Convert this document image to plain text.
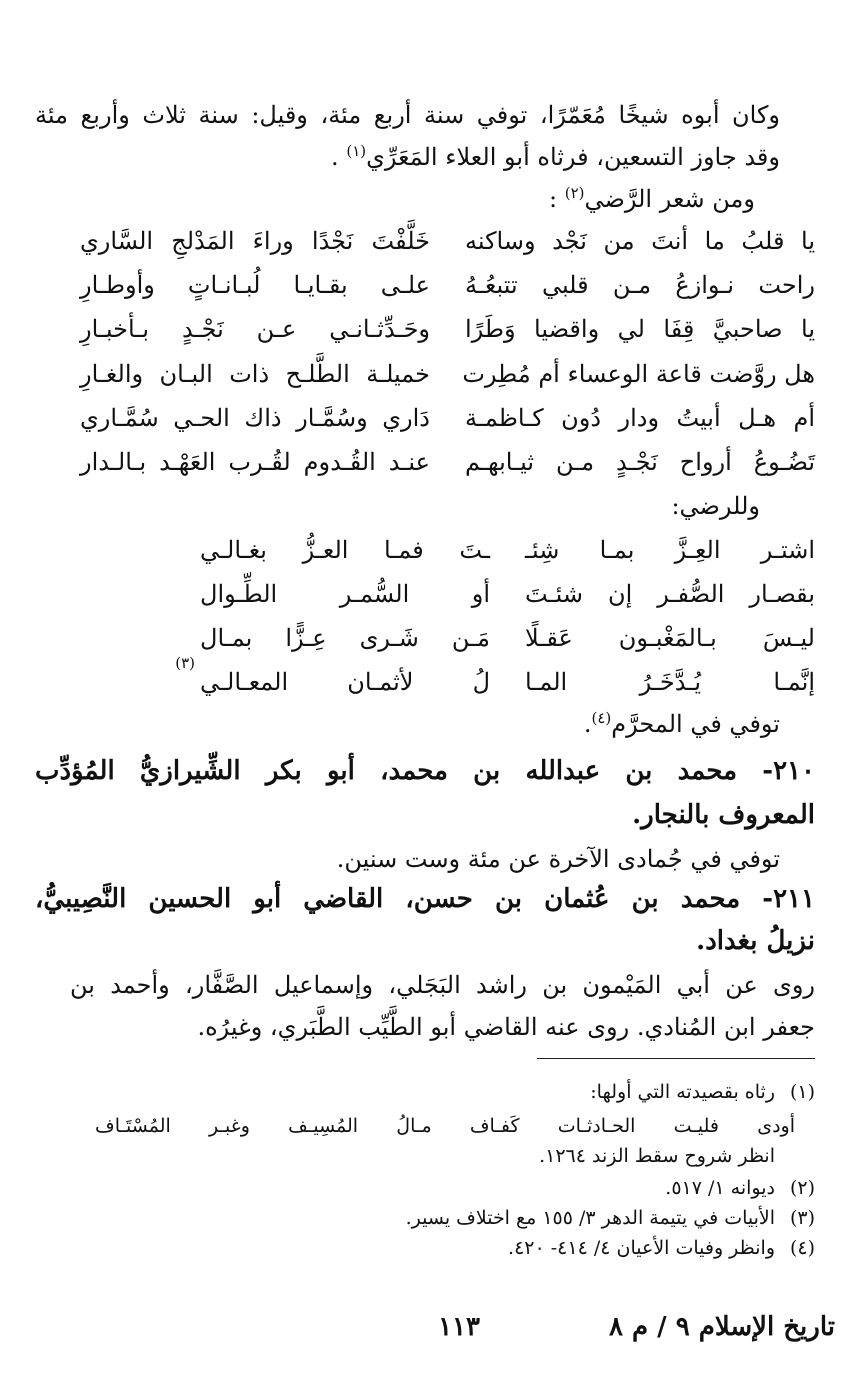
وكان أبوه شيخًا مُعَمّرًا، توفي سنة أربع مئة، وقيل: سنة ثلاث وأربع مئة
وقد جاوز التسعين، فرثاه أبو العلاء المَعَرِّي$^{(١)}$ .
ومن شعر الرَّضي$^{(٢)}$ :
يا قلبُ ما أنتَ من نَجْد وساكنه
خَلَّفْتَ نَجْدًا وراءَ المَدْلجِ السَّاري
راحت نـوازعُ مـن قلبي تتبعُـهُ
علـى بقـايـا لُبـانـاتٍ وأوطـارِ
يا صاحبيَّ قِفَا لي واقضيا وَطَرًا
وحَـدِّثـانـي عـن نَجْـدٍ بـأخبـارِ
هل روَّضت قاعة الوعساء أم مُطِرت
خميلـة الطَّلـح ذات البـان والغـارِ
أم هـل أبيتُ ودار دُون كـاظمـة
دَاري وسُمَّـار ذاك الحـي سُمَّـاري
تَضُـوعُ أرواح نَجْـدٍ مـن ثيـابهـم
عنـد القُـدوم لقُـرب العَهْـد بـالـدار
وللرضي:
اشتـر العِـزَّ بمـا شِئـ
ـتَ فمـا العـزُّ بغـالـي
بقصـار الصُّفـر إن شئـتَ
أو السُّمـر الطِّـوال
ليـسَ بـالمَغْبـون عَقـلًا
مَـن شَـرى عِـزًّا بمـال
إنَّمـا يُـدَّخَـرُ المـا
لُ لأثمـان المعـالـي
(٣)
توفي في المحرَّم$^{(٤)}$.
٢١٠- محمد بن عبدالله بن محمد، أبو بكر الشِّيرازيُّ المُؤدِّب
المعروف بالنجار.
توفي في جُمادى الآخرة عن مئة وست سنين.
٢١١- محمد بن عُثمان بن حسن، القاضي أبو الحسين النَّصِيبيُّ،
نزيلُ بغداد.
روى عن أبي المَيْمون بن راشد البَجَلي، وإسماعيل الصَّفَّار، وأحمد بن
جعفر ابن المُنادي. روى عنه القاضي أبو الطَّيِّب الطَّبَري، وغيرُه.
(١)رثاه بقصيدته التي أولها:
أودى فليـت الحـادثـات كَفـاف مـالُ المُسِيـف وغبـر المُسْتَـاف
انظر شروح سقط الزند ١٢٦٤.
(٢)ديوانه ١/ ٥١٧.
(٣)الأبيات في يتيمة الدهر ٣/ ١٥٥ مع اختلاف يسير.
(٤)وانظر وفيات الأعيان ٤/ ٤١٤- ٤٢٠.
تاريخ الإسلام ٩ / م ٨
١١٣
